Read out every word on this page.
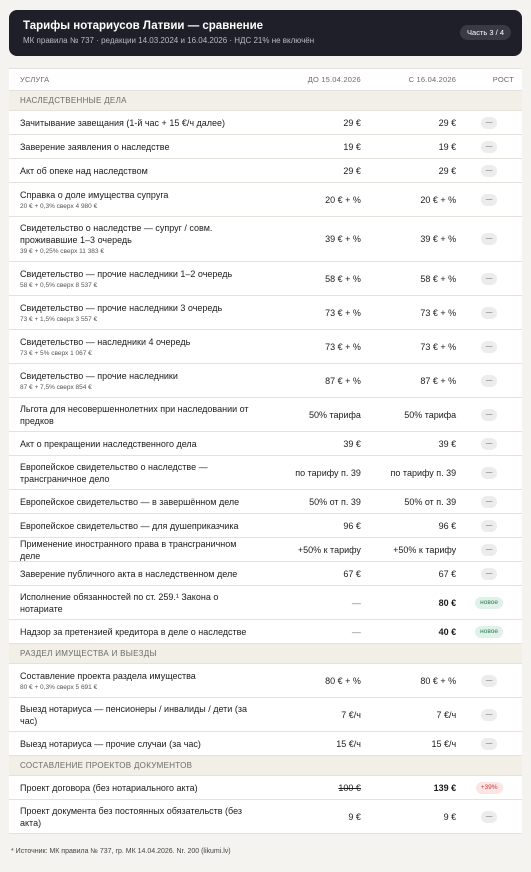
Тарифы нотариусов Латвии — сравнение
МК правила № 737 · редакции 14.03.2024 и 16.04.2026 · НДС 21% не включён
Часть 3 / 4
УСЛУГА	ДО 15.04.2026	С 16.04.2026	РОСТ
НАСЛЕДСТВЕННЫЕ ДЕЛА
Зачитывание завещания (1-й час + 15 €/ч далее)	29 €	29 €	—
Заверение заявления о наследстве	19 €	19 €	—
Акт об опеке над наследством	29 €	29 €	—
Справка о доле имущества супруга
20 € + 0,3% сверх 4 980 €
20 € + %	20 € + %	—
Свидетельство о наследстве — супруг / совм. проживавшие 1–3 очередь
39 € + 0,25% сверх 11 383 €
39 € + %	39 € + %	—
Свидетельство — прочие наследники 1–2 очередь
58 € + 0,5% сверх 8 537 €
58 € + %	58 € + %	—
Свидетельство — прочие наследники 3 очередь
73 € + 1,5% сверх 3 557 €
73 € + %	73 € + %	—
Свидетельство — наследники 4 очередь
73 € + 5% сверх 1 067 €
73 € + %	73 € + %	—
Свидетельство — прочие наследники
87 € + 7,5% сверх 854 €
87 € + %	87 € + %	—
Льгота для несовершеннолетних при наследовании от предков
50% тарифа	50% тарифа	—
Акт о прекращении наследственного дела	39 €	39 €	—
Европейское свидетельство о наследстве — трансграничное дело
по тарифу п. 39	по тарифу п. 39	—
Европейское свидетельство — в завершённом деле	50% от п. 39	50% от п. 39	—
Европейское свидетельство — для душеприказчика	96 €	96 €	—
Применение иностранного права в трансграничном деле
+50% к тарифу	+50% к тарифу	—
Заверение публичного акта в наследственном деле	67 €	67 €	—
Исполнение обязанностей по ст. 259.¹ Закона о нотариате
—	80 €	новое
Надзор за претензией кредитора в деле о наследстве	—	40 €	новое
РАЗДЕЛ ИМУЩЕСТВА И ВЫЕЗДЫ
Составление проекта раздела имущества
80 € + 0,3% сверх 5 691 €
80 € + %	80 € + %	—
Выезд нотариуса — пенсионеры / инвалиды / дети (за час)
7 €/ч	7 €/ч	—
Выезд нотариуса — прочие случаи (за час)	15 €/ч	15 €/ч	—
СОСТАВЛЕНИЕ ПРОЕКТОВ ДОКУМЕНТОВ
Проект договора (без нотариального акта)	100 €	139 €	+39%
Проект документа без постоянных обязательств (без акта)
9 €	9 €	—
* Источник: МК правила № 737, гр. МК 14.04.2026. Nr. 200 (likumi.lv)
